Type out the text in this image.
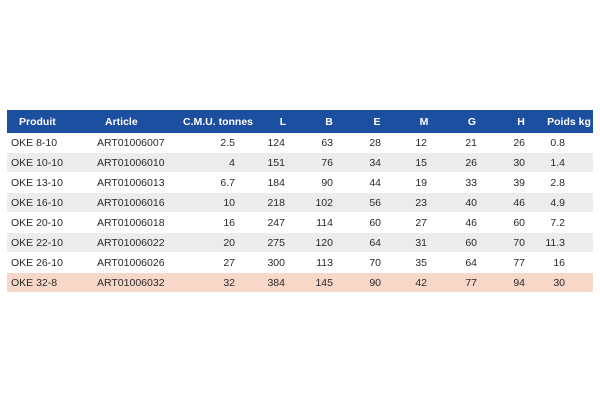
Produit	Article	C.M.U. tonnes	L	B	E	M	G	H	Poids kg
OKE 8-10	ART01006007	2.5	124	63	28	12	21	26	0.8
OKE 10-10	ART01006010	4	151	76	34	15	26	30	1.4
OKE 13-10	ART01006013	6.7	184	90	44	19	33	39	2.8
OKE 16-10	ART01006016	10	218	102	56	23	40	46	4.9
OKE 20-10	ART01006018	16	247	114	60	27	46	60	7.2
OKE 22-10	ART01006022	20	275	120	64	31	60	70	11.3
OKE 26-10	ART01006026	27	300	113	70	35	64	77	16
OKE 32-8	ART01006032	32	384	145	90	42	77	94	30
